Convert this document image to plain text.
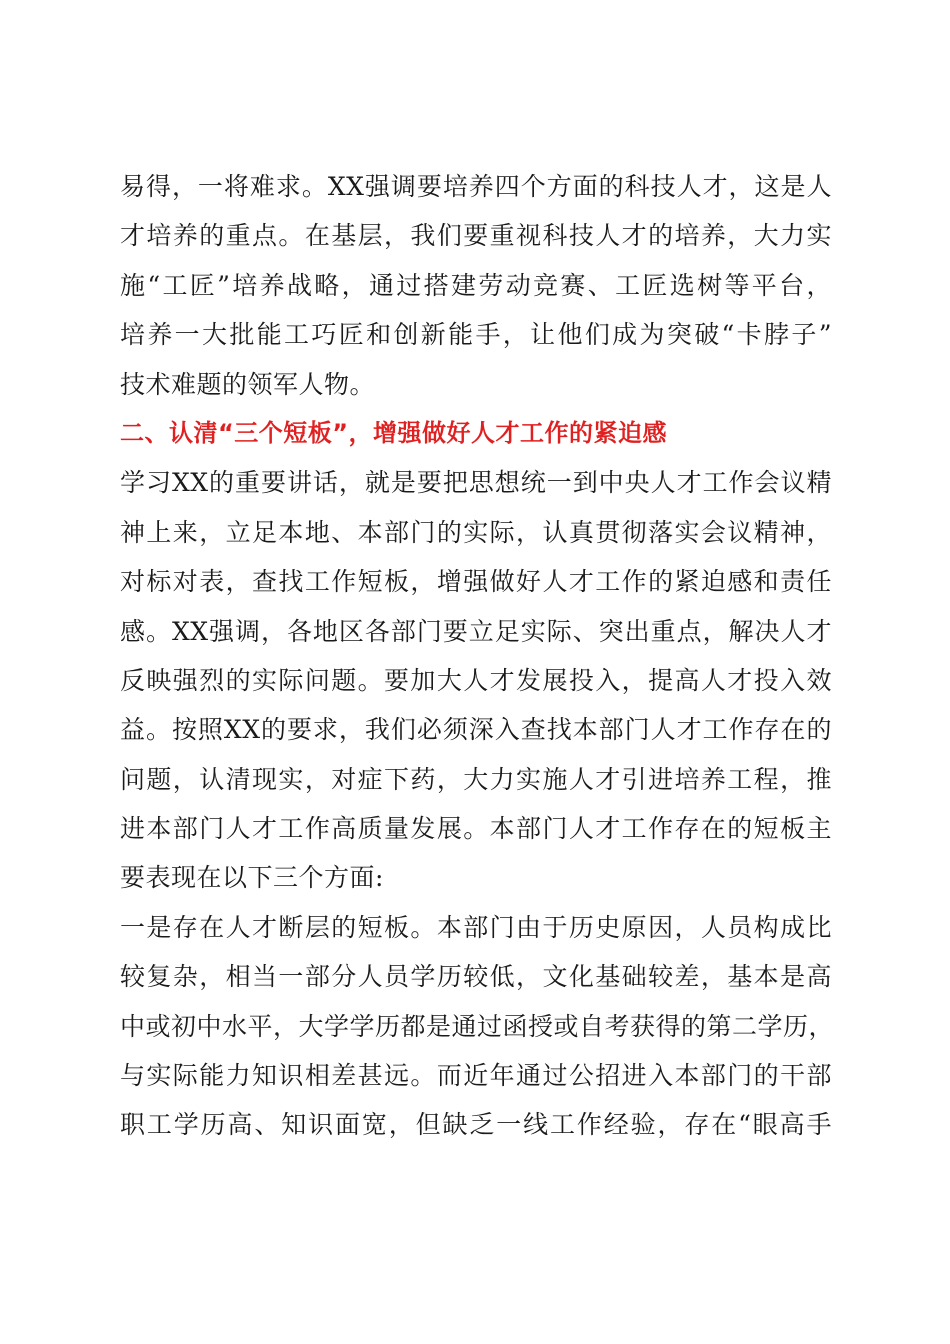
易得，一将难求。XX强调要培养四个方面的科技人才，这是人
才培养的重点。在基层，我们要重视科技人才的培养，大力实
施“工匠”培养战略，通过搭建劳动竞赛、工匠选树等平台，
培养一大批能工巧匠和创新能手，让他们成为突破“卡脖子”
技术难题的领军人物。
二、认清“三个短板”，增强做好人才工作的紧迫感
学习XX的重要讲话，就是要把思想统一到中央人才工作会议精
神上来，立足本地、本部门的实际，认真贯彻落实会议精神，
对标对表，查找工作短板，增强做好人才工作的紧迫感和责任
感。XX强调，各地区各部门要立足实际、突出重点，解决人才
反映强烈的实际问题。要加大人才发展投入，提高人才投入效
益。按照XX的要求，我们必须深入查找本部门人才工作存在的
问题，认清现实，对症下药，大力实施人才引进培养工程，推
进本部门人才工作高质量发展。本部门人才工作存在的短板主
要表现在以下三个方面:
一是存在人才断层的短板。本部门由于历史原因，人员构成比
较复杂，相当一部分人员学历较低，文化基础较差，基本是高
中或初中水平，大学学历都是通过函授或自考获得的第二学历，
与实际能力知识相差甚远。而近年通过公招进入本部门的干部
职工学历高、知识面宽，但缺乏一线工作经验，存在“眼高手
